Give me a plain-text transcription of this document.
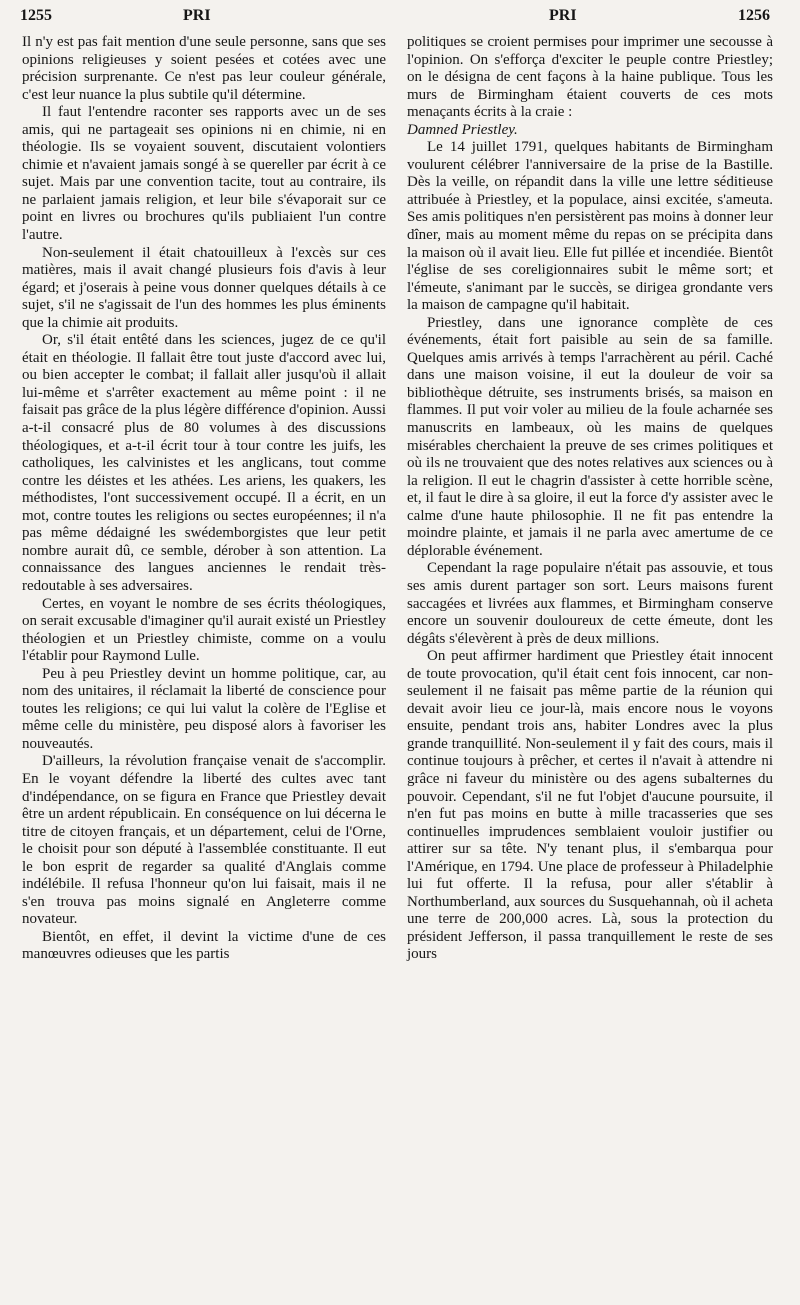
1255	PRI	PRI	1256

Il n'y est pas fait mention d'une seule personne, sans que ses opinions religieuses y soient pesées et cotées avec une précision surprenante. Ce n'est pas leur couleur générale, c'est leur nuance la plus subtile qu'il détermine.

Il faut l'entendre raconter ses rapports avec un de ses amis, qui ne partageait ses opinions ni en chimie, ni en théologie. Ils se voyaient souvent, discutaient volontiers chimie et n'avaient jamais songé à se quereller par écrit à ce sujet. Mais par une convention tacite, tout au contraire, ils ne parlaient jamais religion, et leur bile s'évaporait sur ce point en livres ou brochures qu'ils publiaient l'un contre l'autre.

Non-seulement il était chatouilleux à l'excès sur ces matières, mais il avait changé plusieurs fois d'avis à leur égard; et j'oserais à peine vous donner quelques détails à ce sujet, s'il ne s'agissait de l'un des hommes les plus éminents que la chimie ait produits.

Or, s'il était entêté dans les sciences, jugez de ce qu'il était en théologie. Il fallait être tout juste d'accord avec lui, ou bien accepter le combat; il fallait aller jusqu'où il allait lui-même et s'arrêter exactement au même point : il ne faisait pas grâce de la plus légère différence d'opinion. Aussi a-t-il consacré plus de 80 volumes à des discussions théologiques, et a-t-il écrit tour à tour contre les juifs, les catholiques, les calvinistes et les anglicans, tout comme contre les déistes et les athées. Les ariens, les quakers, les méthodistes, l'ont successivement occupé. Il a écrit, en un mot, contre toutes les religions ou sectes européennes; il n'a pas même dédaigné les swédemborgistes que leur petit nombre aurait dû, ce semble, dérober à son attention. La connaissance des langues anciennes le rendait très-redoutable à ses adversaires.

Certes, en voyant le nombre de ses écrits théologiques, on serait excusable d'imaginer qu'il aurait existé un Priestley théologien et un Priestley chimiste, comme on a voulu l'établir pour Raymond Lulle.

Peu à peu Priestley devint un homme politique, car, au nom des unitaires, il réclamait la liberté de conscience pour toutes les religions; ce qui lui valut la colère de l'Eglise et même celle du ministère, peu disposé alors à favoriser les nouveautés.

D'ailleurs, la révolution française venait de s'accomplir. En le voyant défendre la liberté des cultes avec tant d'indépendance, on se figura en France que Priestley devait être un ardent républicain. En conséquence on lui décerna le titre de citoyen français, et un département, celui de l'Orne, le choisit pour son député à l'assemblée constituante. Il eut le bon esprit de regarder sa qualité d'Anglais comme indélébile. Il refusa l'honneur qu'on lui faisait, mais il ne s'en trouva pas moins signalé en Angleterre comme novateur.

Bientôt, en effet, il devint la victime d'une de ces manœuvres odieuses que les partis

politiques se croient permises pour imprimer une secousse à l'opinion. On s'efforça d'exciter le peuple contre Priestley; on le désigna de cent façons à la haine publique. Tous les murs de Birmingham étaient couverts de ces mots menaçants écrits à la craie :

Damned Priestley.

Le 14 juillet 1791, quelques habitants de Birmingham voulurent célébrer l'anniversaire de la prise de la Bastille. Dès la veille, on répandit dans la ville une lettre séditieuse attribuée à Priestley, et la populace, ainsi excitée, s'ameuta. Ses amis politiques n'en persistèrent pas moins à donner leur dîner, mais au moment même du repas on se précipita dans la maison où il avait lieu. Elle fut pillée et incendiée. Bientôt l'église de ses coreligionnaires subit le même sort; et l'émeute, s'animant par le succès, se dirigea grondante vers la maison de campagne qu'il habitait.

Priestley, dans une ignorance complète de ces événements, était fort paisible au sein de sa famille. Quelques amis arrivés à temps l'arrachèrent au péril. Caché dans une maison voisine, il eut la douleur de voir sa bibliothèque détruite, ses instruments brisés, sa maison en flammes. Il put voir voler au milieu de la foule acharnée ses manuscrits en lambeaux, où les mains de quelques misérables cherchaient la preuve de ses crimes politiques et où ils ne trouvaient que des notes relatives aux sciences ou à la religion. Il eut le chagrin d'assister à cette horrible scène, et, il faut le dire à sa gloire, il eut la force d'y assister avec le calme d'une haute philosophie. Il ne fit pas entendre la moindre plainte, et jamais il ne parla avec amertume de ce déplorable événement.

Cependant la rage populaire n'était pas assouvie, et tous ses amis durent partager son sort. Leurs maisons furent saccagées et livrées aux flammes, et Birmingham conserve encore un souvenir douloureux de cette émeute, dont les dégâts s'élevèrent à près de deux millions.

On peut affirmer hardiment que Priestley était innocent de toute provocation, qu'il était cent fois innocent, car non-seulement il ne faisait pas même partie de la réunion qui devait avoir lieu ce jour-là, mais encore nous le voyons ensuite, pendant trois ans, habiter Londres avec la plus grande tranquillité. Non-seulement il y fait des cours, mais il continue toujours à prêcher, et certes il n'avait à attendre ni grâce ni faveur du ministère ou des agens subalternes du pouvoir. Cependant, s'il ne fut l'objet d'aucune poursuite, il n'en fut pas moins en butte à mille tracasseries que ses continuelles imprudences semblaient vouloir justifier ou attirer sur sa tête. N'y tenant plus, il s'embarqua pour l'Amérique, en 1794. Une place de professeur à Philadelphie lui fut offerte. Il la refusa, pour aller s'établir à Northumberland, aux sources du Susquehannah, où il acheta une terre de 200,000 acres. Là, sous la protection du président Jefferson, il passa tranquillement le reste de ses jours
